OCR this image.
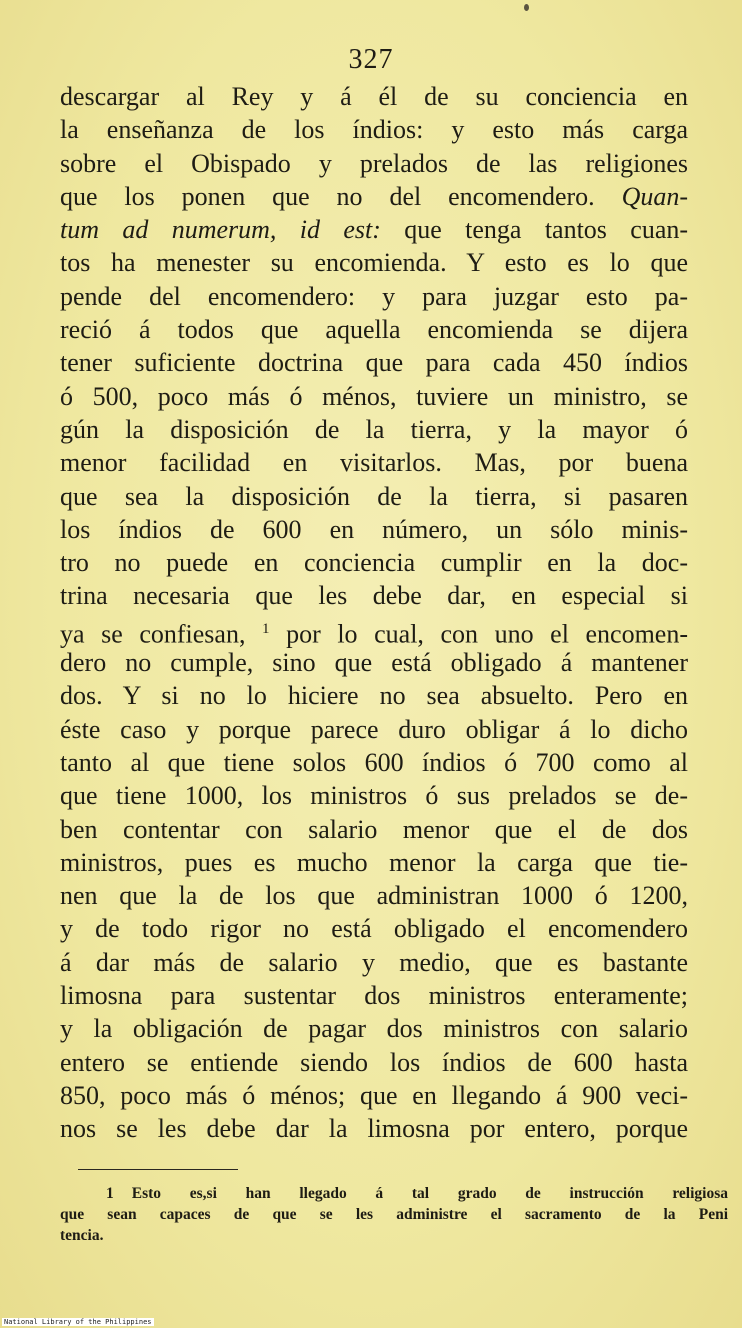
327
descargar al Rey y á él de su conciencia en
la enseñanza de los índios: y esto más carga
sobre el Obispado y prelados de las religiones
que los ponen que no del encomendero. Quan-
tum ad numerum, id est: que tenga tantos cuan-
tos ha menester su encomienda. Y esto es lo que
pende del encomendero: y para juzgar esto pa-
reció á todos que aquella encomienda se dijera
tener suficiente doctrina que para cada 450 índios
ó 500, poco más ó ménos, tuviere un ministro, se
gún la disposición de la tierra, y la mayor ó
menor facilidad en visitarlos. Mas, por buena
que sea la disposición de la tierra, si pasaren
los índios de 600 en número, un sólo minis-
tro no puede en conciencia cumplir en la doc-
trina necesaria que les debe dar, en especial si
ya se confiesan, $^1$ por lo cual, con uno el encomen-
dero no cumple, sino que está obligado á mantener
dos. Y si no lo hiciere no sea absuelto. Pero en
éste caso y porque parece duro obligar á lo dicho
tanto al que tiene solos 600 índios ó 700 como al
que tiene 1000, los ministros ó sus prelados se de-
ben contentar con salario menor que el de dos
ministros, pues es mucho menor la carga que tie-
nen que la de los que administran 1000 ó 1200,
y de todo rigor no está obligado el encomendero
á dar más de salario y medio, que es bastante
limosna para sustentar dos ministros enteramente;
y la obligación de pagar dos ministros con salario
entero se entiende siendo los índios de 600 hasta
850, poco más ó ménos; que en llegando á 900 veci-
nos se les debe dar la limosna por entero, porque
1 Esto es,si han llegado á tal grado de instrucción religiosa
que sean capaces de que se les administre el sacramento de la Peni
tencia.
National Library of the Philippines
